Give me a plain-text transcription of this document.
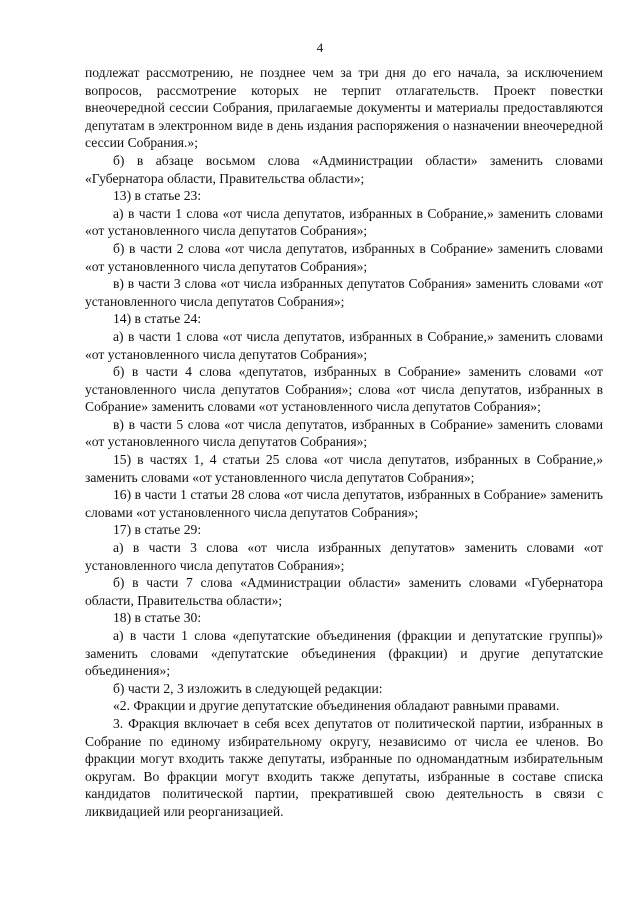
4

подлежат рассмотрению, не позднее чем за три дня до его начала, за исключением вопросов, рассмотрение которых не терпит отлагательств. Проект повестки внеочередной сессии Собрания, прилагаемые документы и материалы предоставляются депутатам в электронном виде в день издания распоряжения о назначении внеочередной сессии Собрания.»;

б) в абзаце восьмом слова «Администрации области» заменить словами «Губернатора области, Правительства области»;

13) в статье 23:

а) в части 1 слова «от числа депутатов, избранных в Собрание,» заменить словами «от установленного числа депутатов Собрания»;

б) в части 2 слова «от числа депутатов, избранных в Собрание» заменить словами «от установленного числа депутатов Собрания»;

в) в части 3 слова «от числа избранных депутатов Собрания» заменить словами «от установленного числа депутатов Собрания»;

14) в статье 24:

а) в части 1 слова «от числа депутатов, избранных в Собрание,» заменить словами «от установленного числа депутатов Собрания»;

б) в части 4 слова «депутатов, избранных в Собрание» заменить словами «от установленного числа депутатов Собрания»; слова «от числа депутатов, избранных в Собрание» заменить словами «от установленного числа депутатов Собрания»;

в) в части 5 слова «от числа депутатов, избранных в Собрание» заменить словами «от установленного числа депутатов Собрания»;

15) в частях 1, 4 статьи 25 слова «от числа депутатов, избранных в Собрание,» заменить словами «от установленного числа депутатов Собрания»;

16) в части 1 статьи 28 слова «от числа депутатов, избранных в Собрание» заменить словами «от установленного числа депутатов Собрания»;

17) в статье 29:

а) в части 3 слова «от числа избранных депутатов» заменить словами «от установленного числа депутатов Собрания»;

б) в части 7 слова «Администрации области» заменить словами «Губернатора области, Правительства области»;

18) в статье 30:

а) в части 1 слова «депутатские объединения (фракции и депутатские группы)» заменить словами «депутатские объединения (фракции) и другие депутатские объединения»;

б) части 2, 3 изложить в следующей редакции:

«2. Фракции и другие депутатские объединения обладают равными правами.

3. Фракция включает в себя всех депутатов от политической партии, избранных в Собрание по единому избирательному округу, независимо от числа ее членов. Во фракции могут входить также депутаты, избранные по одномандатным избирательным округам. Во фракции могут входить также депутаты, избранные в составе списка кандидатов политической партии, прекратившей свою деятельность в связи с ликвидацией или реорганизацией.
